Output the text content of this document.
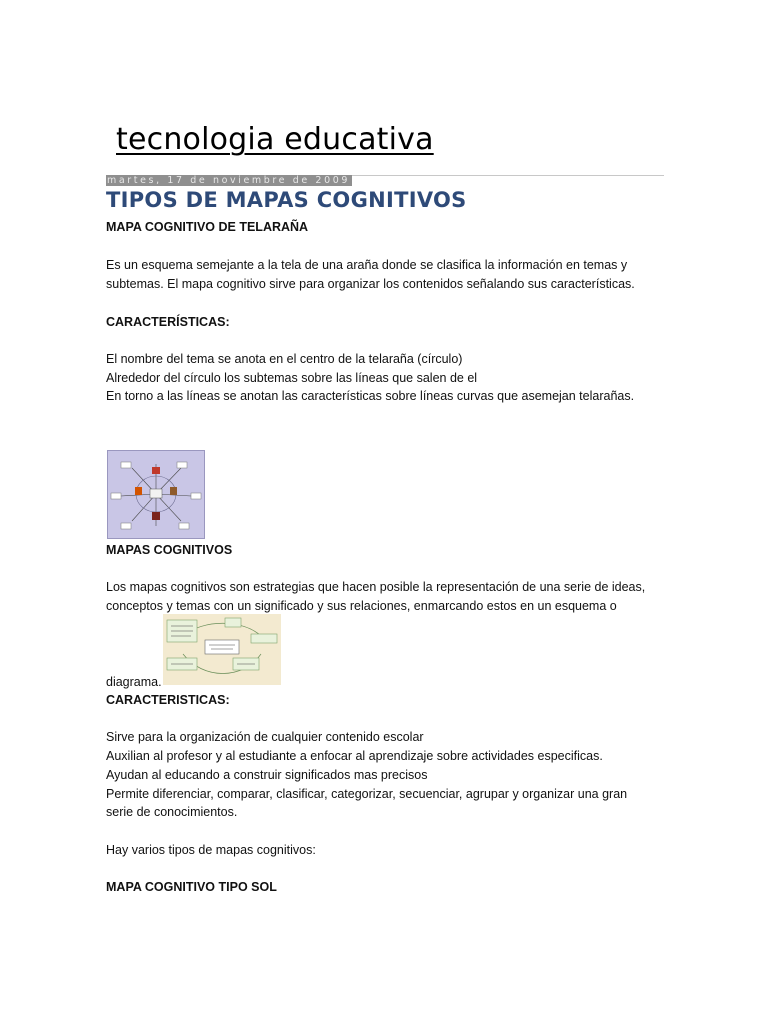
tecnologia educativa
martes, 17 de noviembre de 2009
TIPOS DE MAPAS COGNITIVOS
MAPA COGNITIVO DE TELARAÑA
Es un esquema semejante a la tela de una araña donde se clasifica la información en temas y
subtemas. El mapa cognitivo sirve para organizar los contenidos señalando sus características.
CARACTERÍSTICAS:
El nombre del tema se anota en el centro de la telaraña (círculo)
Alrededor del círculo los subtemas sobre las líneas que salen de el
En torno a las líneas se anotan las características sobre líneas curvas que asemejan telarañas.
MAPAS COGNITIVOS
Los mapas cognitivos son estrategias que hacen posible la representación de una serie de ideas,
conceptos y temas con un significado y sus relaciones, enmarcando estos en un esquema o
diagrama.
CARACTERISTICAS:
Sirve para la organización de cualquier contenido escolar
Auxilian al profesor y al estudiante a enfocar al aprendizaje sobre actividades especificas.
Ayudan al educando a construir significados mas precisos
Permite diferenciar, comparar, clasificar, categorizar, secuenciar, agrupar y organizar una gran
serie de conocimientos.
Hay varios tipos de mapas cognitivos:
MAPA COGNITIVO TIPO SOL
